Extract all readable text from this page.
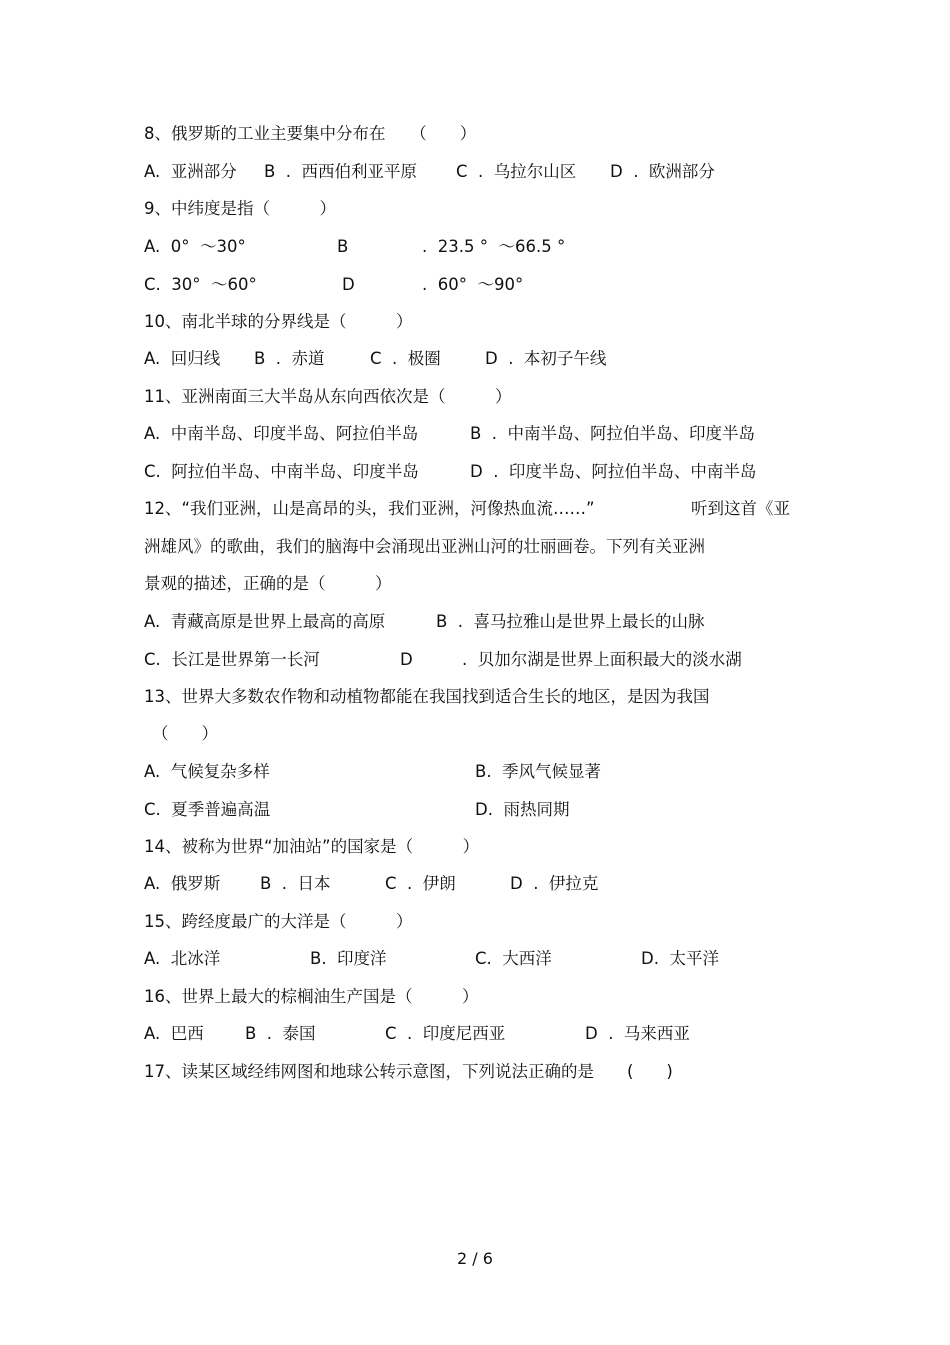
8、俄罗斯的工业主要集中分布在　　（　　）

A.  亚洲部分

B  .  西西伯利亚平原

C  .  乌拉尔山区

D  .  欧洲部分

9、中纬度是指（　　　）

A.  0°  ～30°

	B

	.  23.5 °  ～66.5 °

C.  30°  ～60°

	D

	.  60°  ～90°

10、南北半球的分界线是（　　　）

A.  回归线

B  .  赤道

	C  .  极圈

	D  .  本初子午线

11、亚洲南面三大半岛从东向西依次是（　　　）

A.  中南半岛、印度半岛、阿拉伯半岛

	B  .  中南半岛、阿拉伯半岛、印度半岛

C.  阿拉伯半岛、中南半岛、印度半岛

	D  .  印度半岛、阿拉伯半岛、中南半岛

12、“我们亚洲，山是高昂的头，我们亚洲，河像热血流……”

	听到这首《亚

洲雄风》的歌曲，我们的脑海中会涌现出亚洲山河的壮丽画卷。下列有关亚洲

景观的描述，正确的是（　　　）

A.  青藏高原是世界上最高的高原

	B  .  喜马拉雅山是世界上最长的山脉

C.  长江是世界第一长河

	D

	.  贝加尔湖是世界上面积最大的淡水湖

13、世界大多数农作物和动植物都能在我国找到适合生长的地区，是因为我国

（　　）

A.  气候复杂多样

	B.  季风气候显著

C.  夏季普遍高温

	D.  雨热同期

14、被称为世界“加油站”的国家是（　　　）

A.  俄罗斯

B  .  日本

	C  .  伊朗

	D  .  伊拉克

15、跨经度最广的大洋是（　　　）

A.  北冰洋

	B.  印度洋

	C.  大西洋

	D.  太平洋

16、世界上最大的棕榈油生产国是（　　　）

A.  巴西

	B  .  泰国

	C  .  印度尼西亚

	D  .  马来西亚

17、读某区域经纬网图和地球公转示意图，下列说法正确的是　　(　　)

2 / 6
